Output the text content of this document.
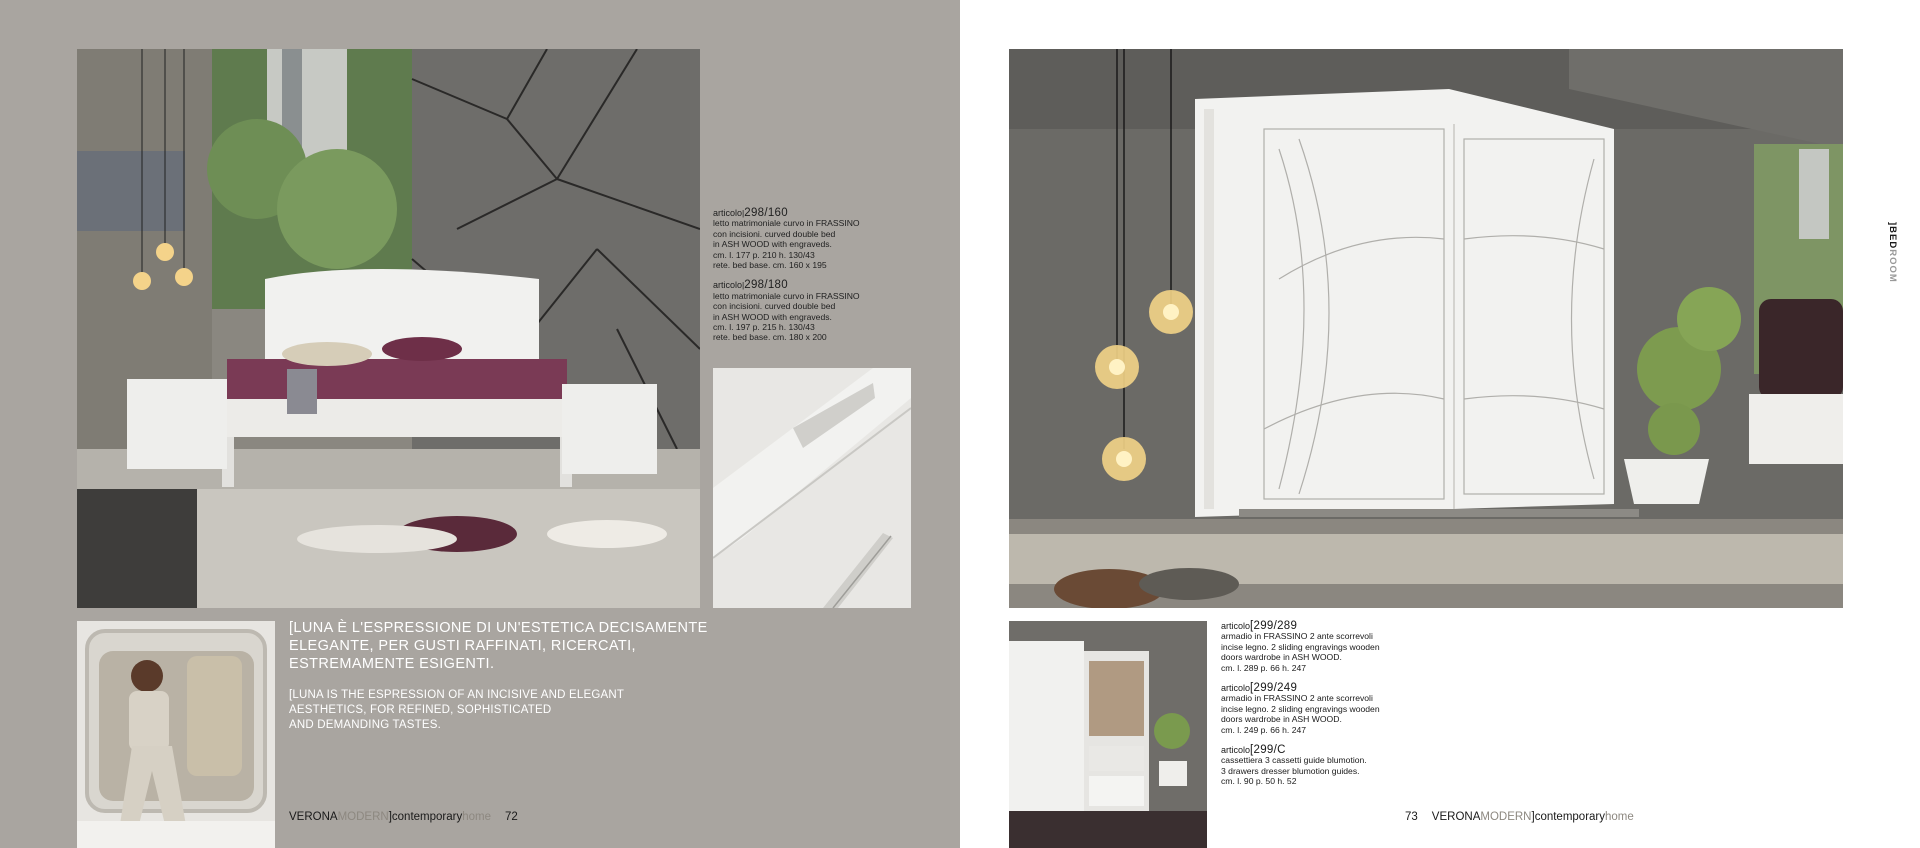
articolo|298/160
letto matrimoniale curvo in FRASSINO
con incisioni. curved double bed
in ASH WOOD with engraveds.
cm. l. 177 p. 210 h. 130/43
rete. bed base. cm. 160 x 195
articolo|298/180
letto matrimoniale curvo in FRASSINO
con incisioni. curved double bed
in ASH WOOD with engraveds.
cm. l. 197 p. 215 h. 130/43
rete. bed base. cm. 180 x 200
[LUNA È L'ESPRESSIONE DI UN'ESTETICA DECISAMENTE
ELEGANTE, PER GUSTI RAFFINATI, RICERCATI,
ESTREMAMENTE ESIGENTI.
[LUNA IS THE ESPRESSION OF AN INCISIVE AND ELEGANT
AESTHETICS, FOR REFINED, SOPHISTICATED
AND DEMANDING TASTES.
VERONAMODERN]contemporaryhome 72
articolo[299/289
armadio in FRASSINO 2 ante scorrevoli
incise legno. 2 sliding engravings wooden
doors wardrobe in ASH WOOD.
cm. l. 289 p. 66 h. 247
articolo[299/249
armadio in FRASSINO 2 ante scorrevoli
incise legno. 2 sliding engravings wooden
doors wardrobe in ASH WOOD.
cm. l. 249 p. 66 h. 247
articolo[299/C
cassettiera 3 cassetti guide blumotion.
3 drawers dresser blumotion guides.
cm. l. 90 p. 50 h. 52
73 VERONAMODERN]contemporaryhome
]BEDROOM
